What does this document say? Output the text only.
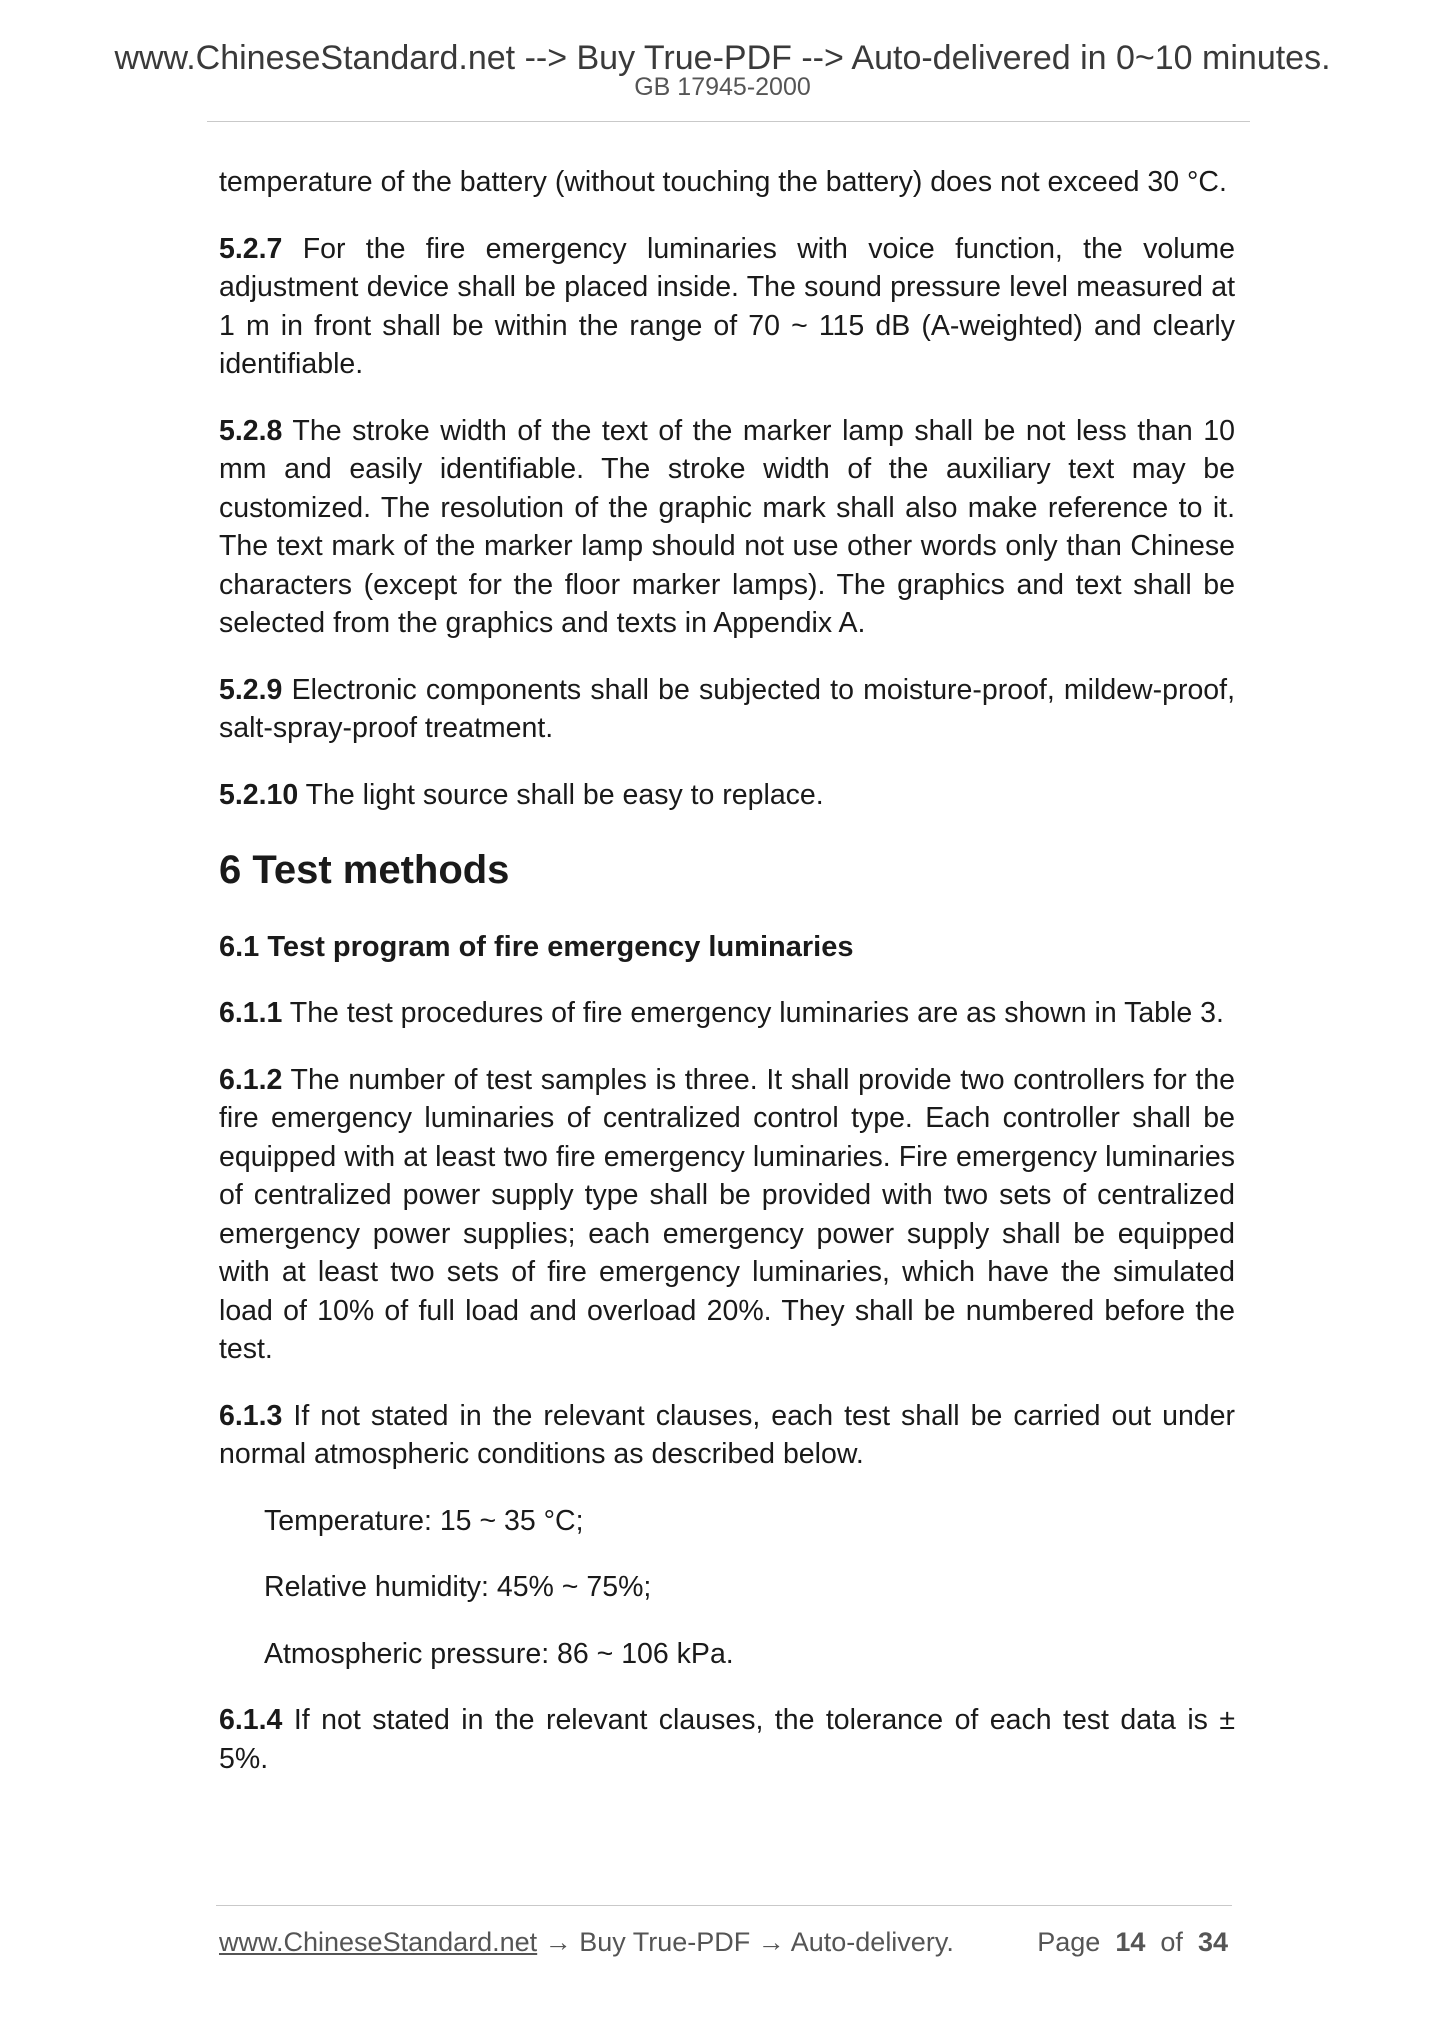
www.ChineseStandard.net --> Buy True-PDF --> Auto-delivered in 0~10 minutes.
GB 17945-2000

temperature of the battery (without touching the battery) does not exceed 30 °C.

5.2.7 For the fire emergency luminaries with voice function, the volume adjustment device shall be placed inside. The sound pressure level measured at 1 m in front shall be within the range of 70 ~ 115 dB (A-weighted) and clearly identifiable.

5.2.8 The stroke width of the text of the marker lamp shall be not less than 10 mm and easily identifiable. The stroke width of the auxiliary text may be customized. The resolution of the graphic mark shall also make reference to it. The text mark of the marker lamp should not use other words only than Chinese characters (except for the floor marker lamps). The graphics and text shall be selected from the graphics and texts in Appendix A.

5.2.9 Electronic components shall be subjected to moisture-proof, mildew-proof, salt-spray-proof treatment.

5.2.10 The light source shall be easy to replace.

6 Test methods
6.1 Test program of fire emergency luminaries

6.1.1 The test procedures of fire emergency luminaries are as shown in Table 3.

6.1.2 The number of test samples is three. It shall provide two controllers for the fire emergency luminaries of centralized control type. Each controller shall be equipped with at least two fire emergency luminaries. Fire emergency luminaries of centralized power supply type shall be provided with two sets of centralized emergency power supplies; each emergency power supply shall be equipped with at least two sets of fire emergency luminaries, which have the simulated load of 10% of full load and overload 20%. They shall be numbered before the test.

6.1.3 If not stated in the relevant clauses, each test shall be carried out under normal atmospheric conditions as described below.

Temperature: 15 ~ 35 °C;

Relative humidity: 45% ~ 75%;

Atmospheric pressure: 86 ~ 106 kPa.

6.1.4 If not stated in the relevant clauses, the tolerance of each test data is ± 5%.

www.ChineseStandard.net → Buy True-PDF → Auto-delivery.	Page 14 of 34
